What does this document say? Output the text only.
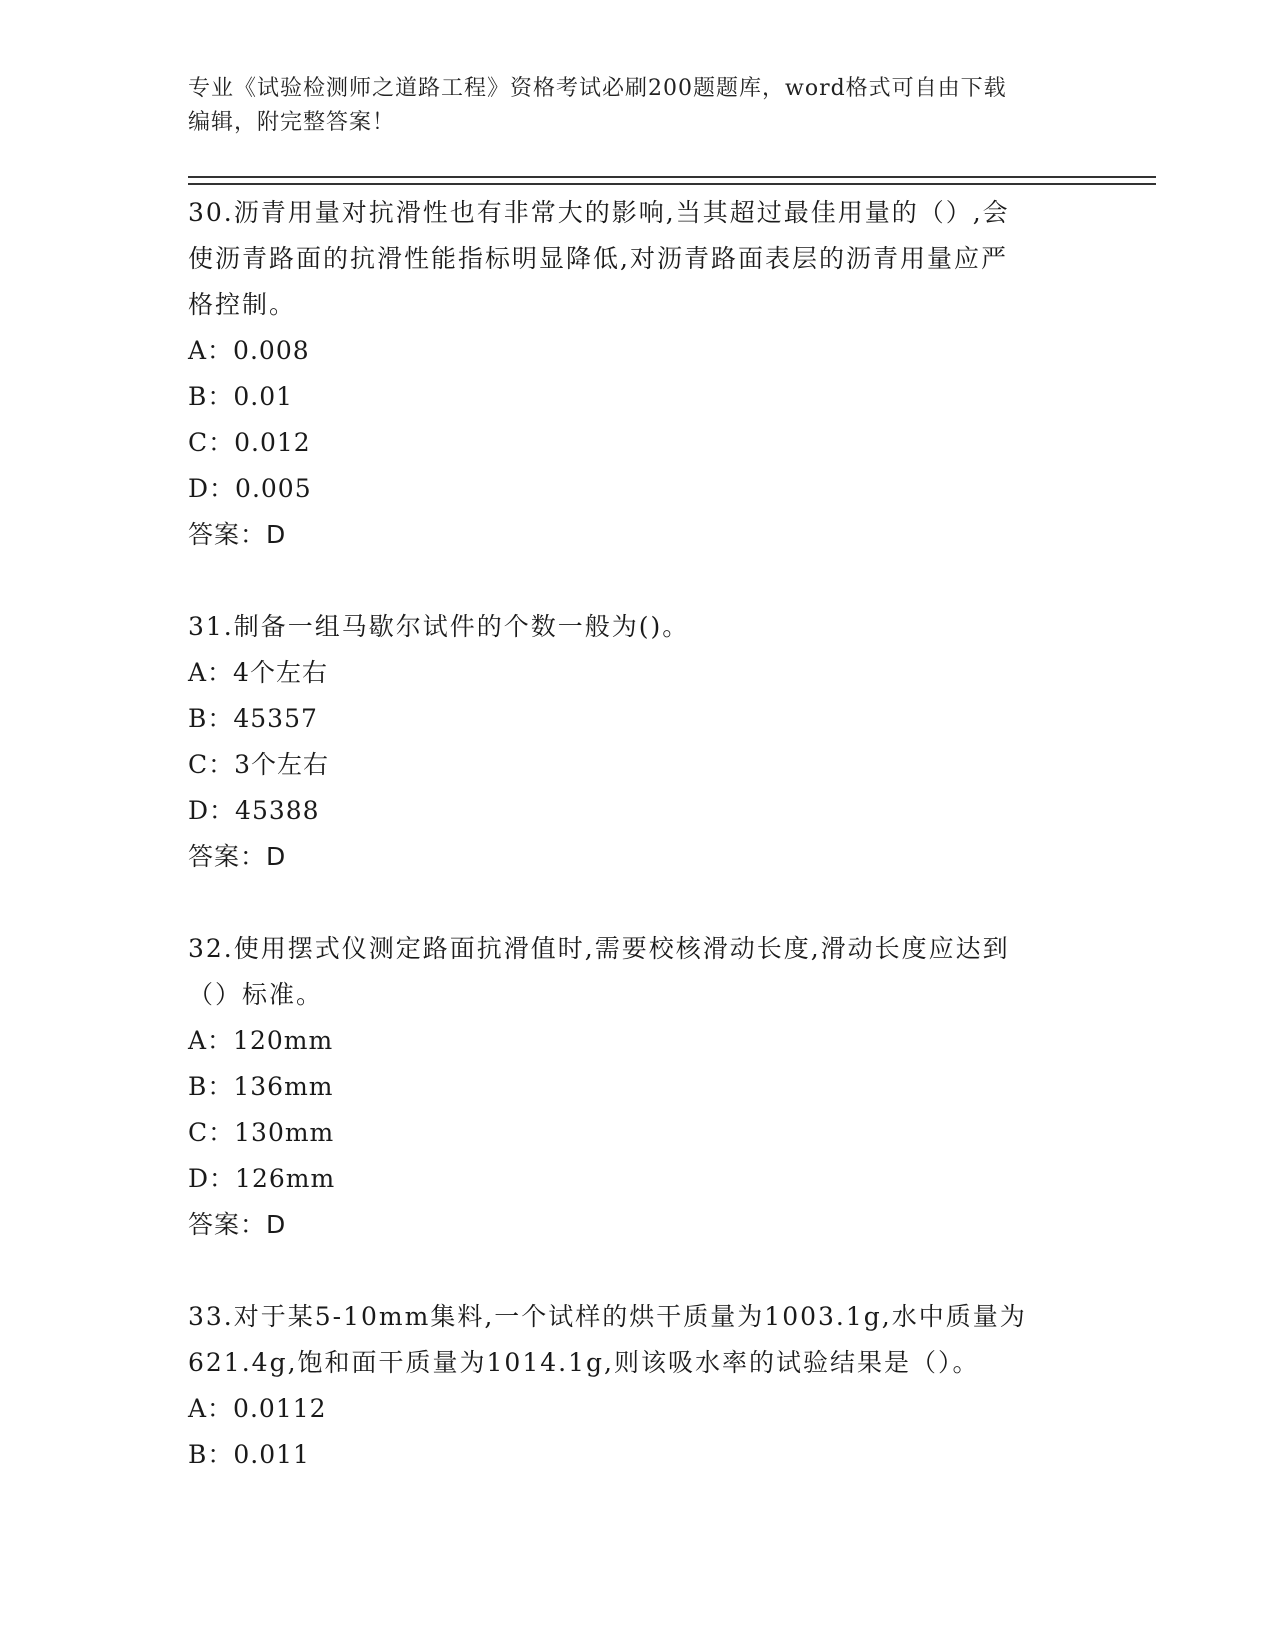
专业《试验检测师之道路工程》资格考试必刷200题题库，word格式可自由下载
编辑，附完整答案！
30.沥青用量对抗滑性也有非常大的影响,当其超过最佳用量的（）,会
使沥青路面的抗滑性能指标明显降低,对沥青路面表层的沥青用量应严
格控制。
A：0.008
B：0.01
C：0.012
D：0.005
答案：D
31.制备一组马歇尔试件的个数一般为()。
A：4个左右
B：45357
C：3个左右
D：45388
答案：D
32.使用摆式仪测定路面抗滑值时,需要校核滑动长度,滑动长度应达到
（）标准。
A：120mm
B：136mm
C：130mm
D：126mm
答案：D
33.对于某5-10mm集料,一个试样的烘干质量为1003.1g,水中质量为
621.4g,饱和面干质量为1014.1g,则该吸水率的试验结果是（）。
A：0.0112
B：0.011
